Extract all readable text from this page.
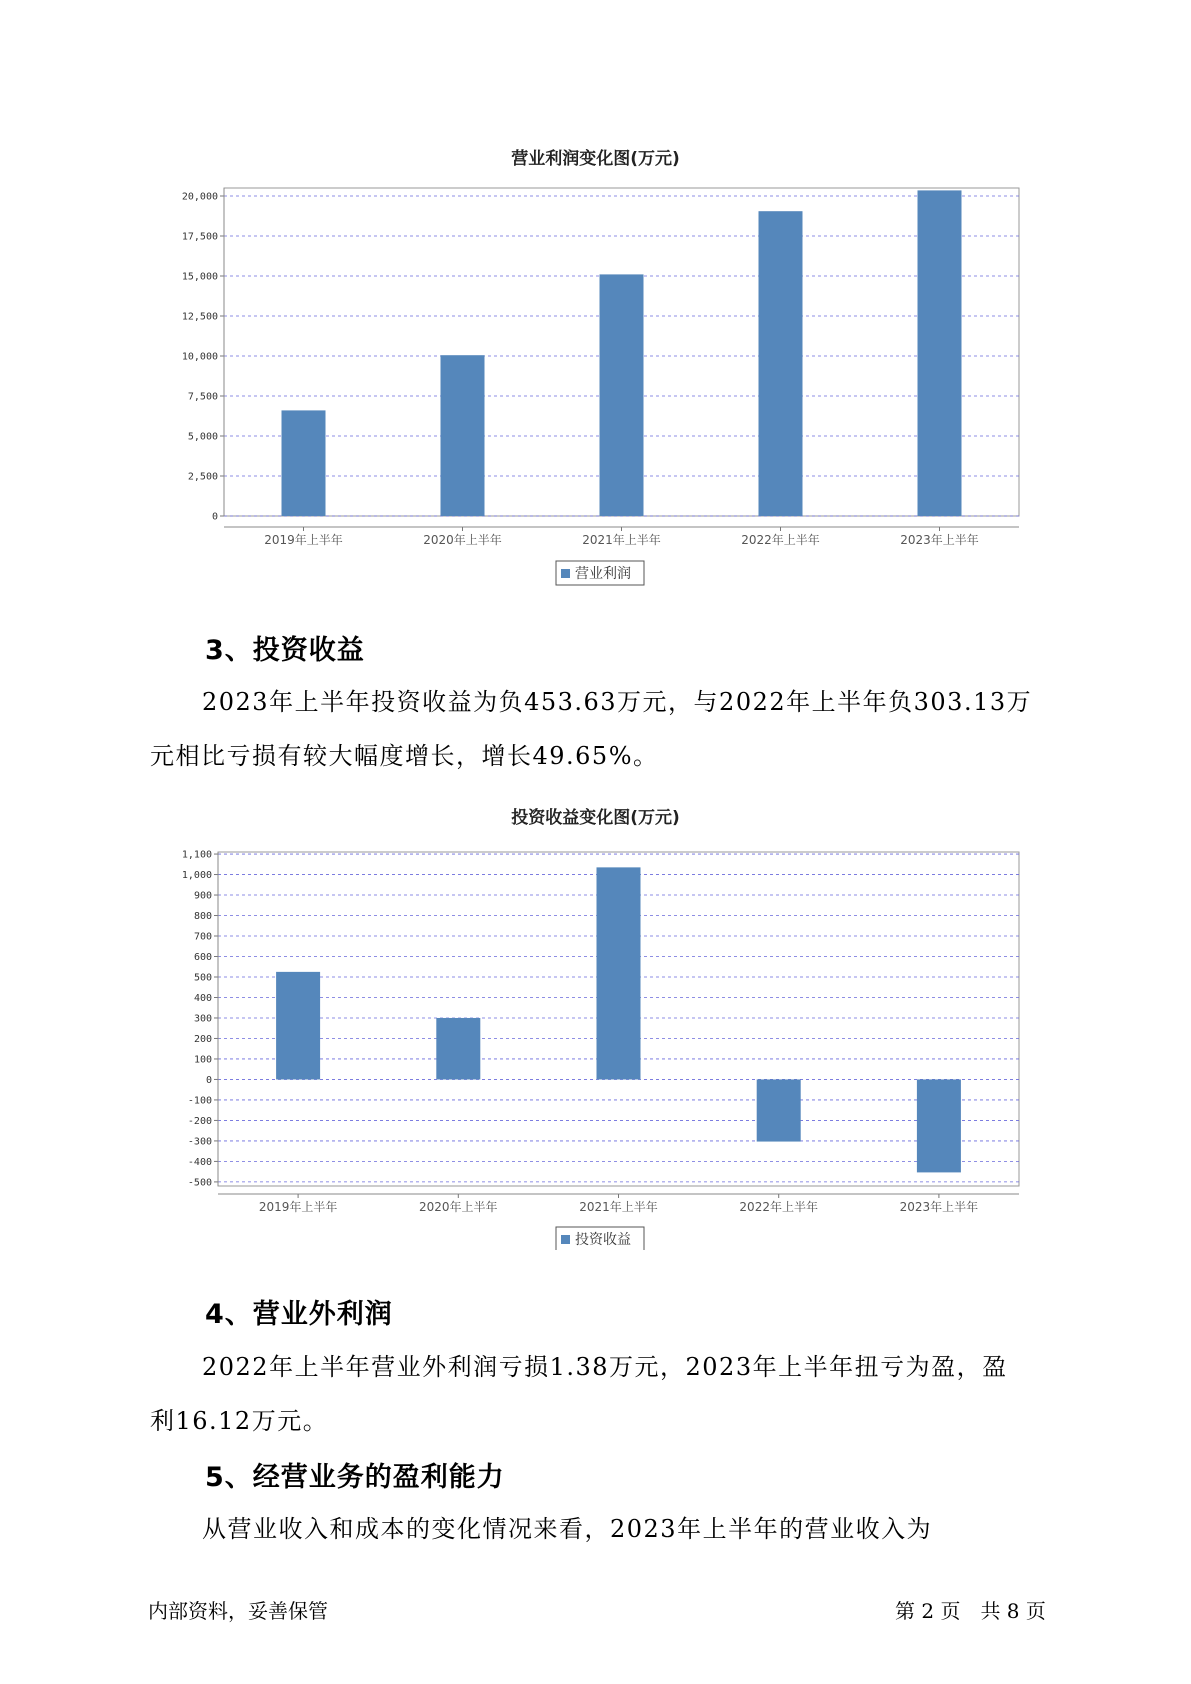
营业利润变化图(万元)
0
2,500
5,000
7,500
10,000
12,500
15,000
17,500
20,000
2019年上半年	2020年上半年	2021年上半年	2022年上半年	2023年上半年
营业利润
3、投资收益
2023年上半年投资收益为负453.63万元，与2022年上半年负303.13万
元相比亏损有较大幅度增长，增长49.65%。
投资收益变化图(万元)
-500
-400
-300
-200
-100
0
100
200
300
400
500
600
700
800
900
1,000
1,100
2019年上半年	2020年上半年	2021年上半年	2022年上半年	2023年上半年
投资收益
4、营业外利润
2022年上半年营业外利润亏损1.38万元，2023年上半年扭亏为盈，盈
利16.12万元。
5、经营业务的盈利能力
从营业收入和成本的变化情况来看，2023年上半年的营业收入为
内部资料，妥善保管	第 2 页　共 8 页
